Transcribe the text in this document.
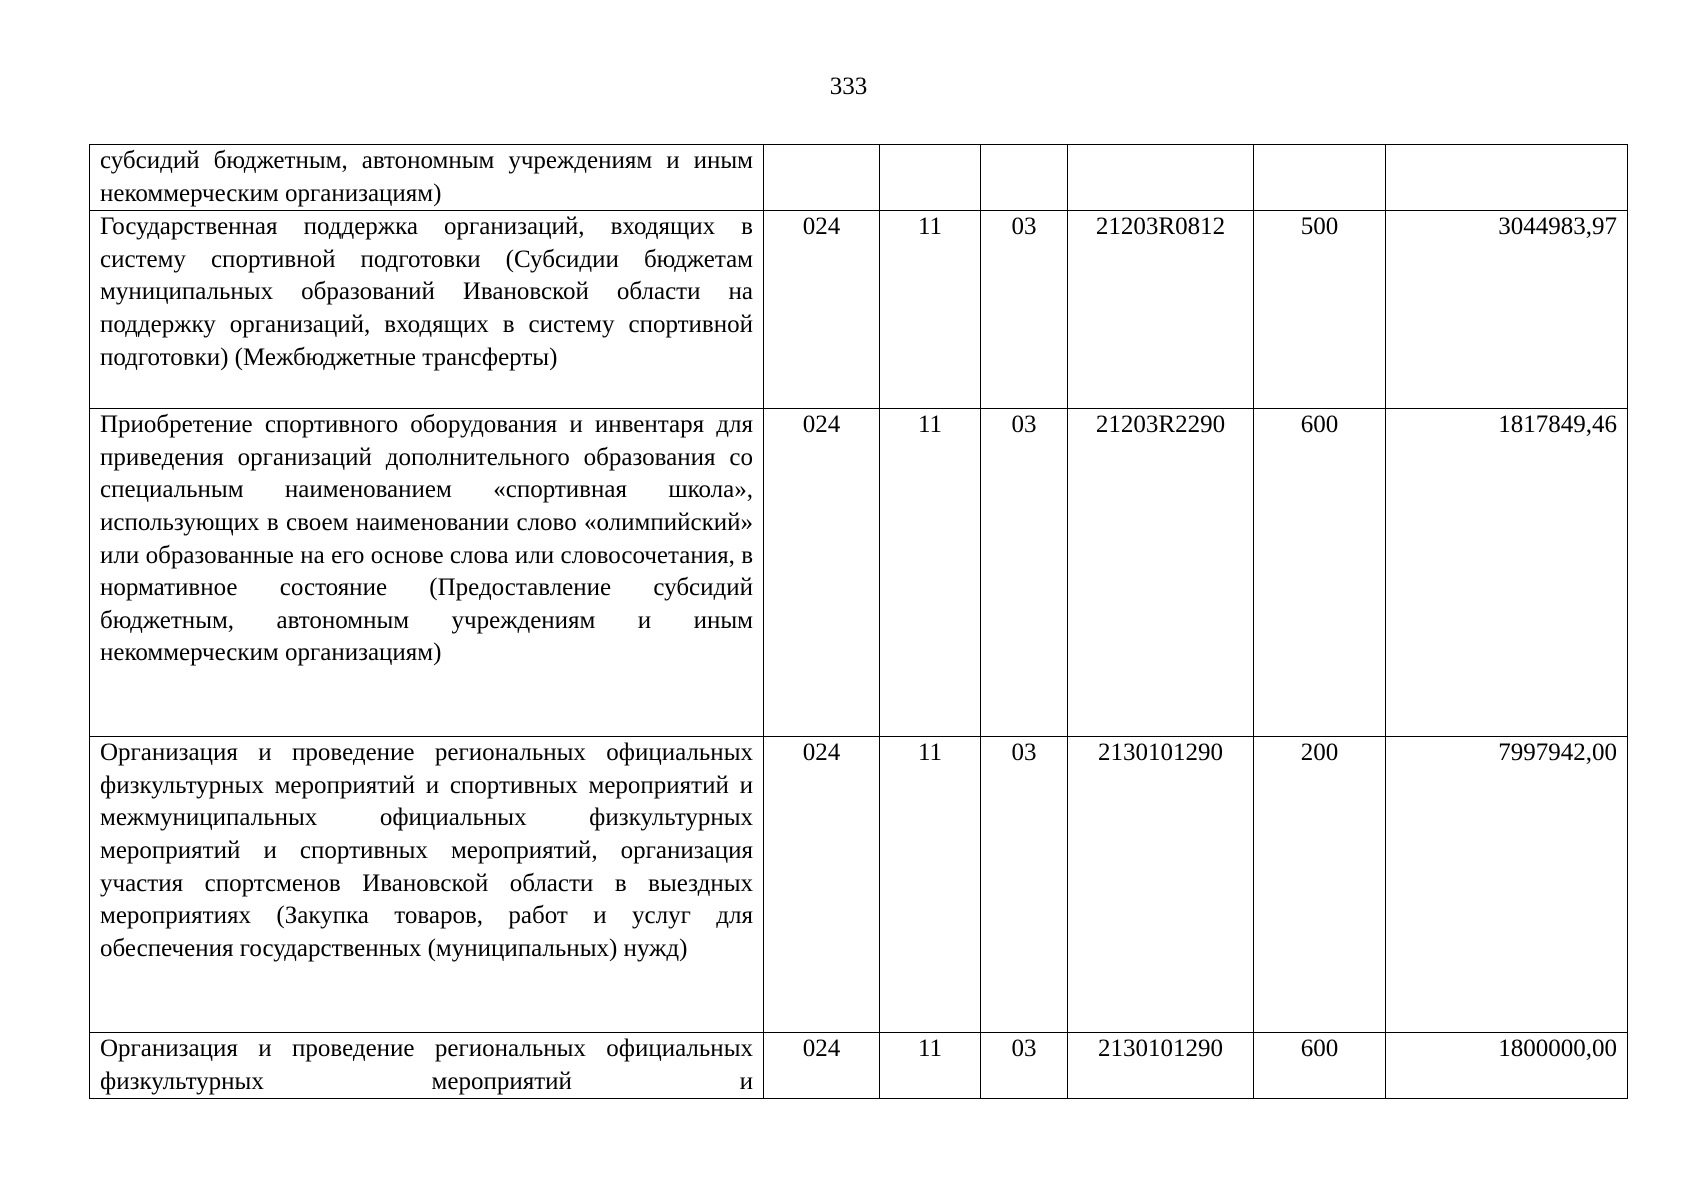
333
субсидий бюджетным, автономным учреждениям и иным некоммерческим организациям)						
Государственная поддержка организаций, входящих в систему спортивной подготовки (Субсидии бюджетам муниципальных образований Ивановской области на поддержку организаций, входящих в систему спортивной подготовки) (Межбюджетные трансферты)	024	11	03	21203R0812	500	3044983,97
Приобретение спортивного оборудования и инвентаря для приведения организаций дополнительного образования со специальным наименованием «спортивная школа», использующих в своем наименовании слово «олимпийский» или образованные на его основе слова или словосочетания, в нормативное состояние (Предоставление субсидий бюджетным, автономным учреждениям и иным некоммерческим организациям)	024	11	03	21203R2290	600	1817849,46
Организация и проведение региональных официальных физкультурных мероприятий и спортивных мероприятий и межмуниципальных официальных физкультурных мероприятий и спортивных мероприятий, организация участия спортсменов Ивановской области в выездных мероприятиях (Закупка товаров, работ и услуг для обеспечения государственных (муниципальных) нужд)	024	11	03	2130101290	200	7997942,00

Организация и проведение региональных официальных физкультурных мероприятий и	024	11	03	2130101290	600	1800000,00
